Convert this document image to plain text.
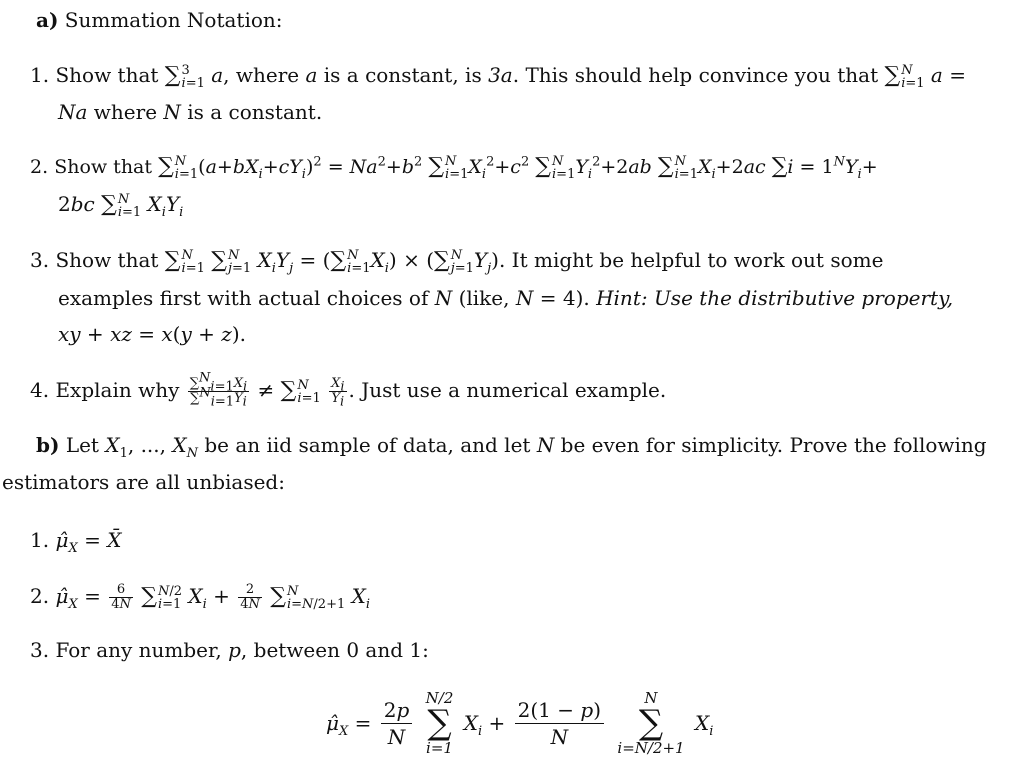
a) Summation Notation:
1. Show that ∑ 3
i=1 a, where a is a constant, is 3a. This should help convince you that ∑ N
i=1 a =
Na where N is a constant.
2. Show that ∑ N
i=1 $(a+bX_i+cY_i)^2 = Na^2+b^2$ ∑ N
i=1 $X_i^2+c^2$ ∑ N
i=1 $Y_i^2+2ab$ ∑ N
i=1 $X_i+2ac$ $\sum i = 1^NY_i+$
2bc ∑ N
i=1 $X_iY_i$
3. Show that ∑ N
i=1 ∑ N
j=1 $X_iY_j$ = (∑ N
i=1 $X_i$) × (∑ N
j=1 $Y_j$). It might be helpful to work out some
examples first with actual choices of N (like, N = 4). Hint: Use the distributive property,
xy + xz = x(y + z).
4. Explain why $\frac{\sum^N_{i=1}X_i}{\sum^N_{i=1}Y_i}$ ≠ ∑ N
i=1
$\frac{X_i}{Y_i}$ . Just use a numerical example.
b) Let $X_1$, ..., $X_N$ be an iid sample of data, and let N be even for simplicity. Prove the following
estimators are all unbiased:
1. $\mû_X$ = X̄
2. $\mû_X = \frac{6}{4N}$ ∑ N/2
i=1 $X_i + \frac{2}{4N}$ ∑ N
i=N/2+1 $X_i$
3. For any number, p, between 0 and 1:
$\mû_X = \frac{2p}{N}$
N/2
∑
i=1
$X_i + \frac{2(1 - p)}{N}$
	N
∑
i=N/2+1
$X_i$
